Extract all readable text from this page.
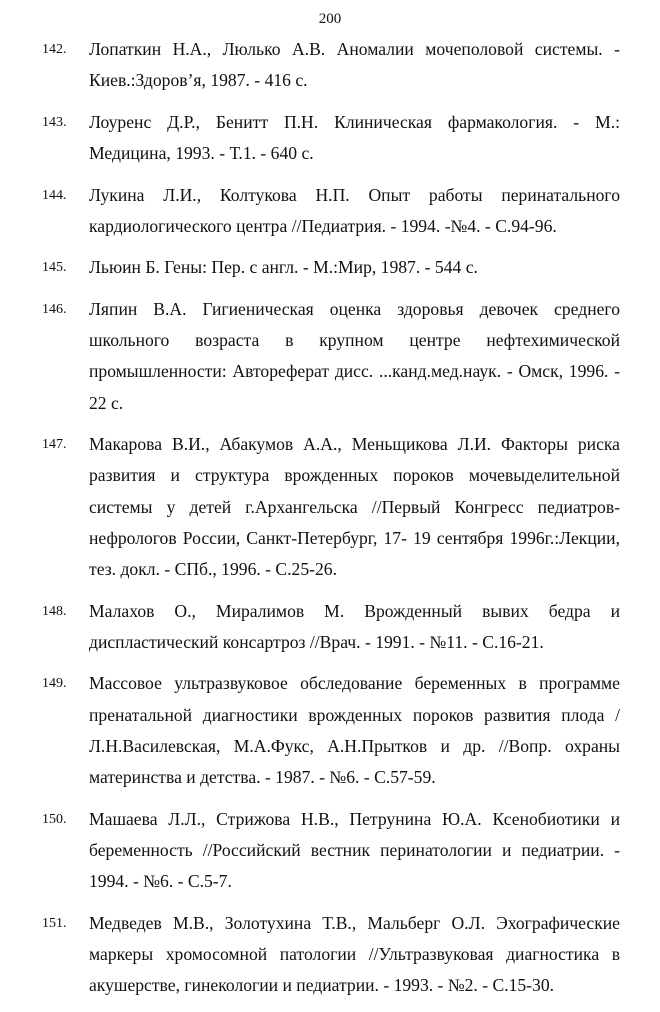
200
142. Лопаткин Н.А., Люлько А.В. Аномалии мочеполовой системы. - Киев.:Здоров’я, 1987. - 416 с.
143. Лоуренс Д.Р., Бенитт П.Н. Клиническая фармакология. - М.: Медицина, 1993. - Т.1. - 640 с.
144. Лукина Л.И., Колтукова Н.П. Опыт работы перинатального кардиологического центра //Педиатрия. - 1994. -№4. - С.94-96.
145. Льюин Б. Гены: Пер. с англ. - М.:Мир, 1987. - 544 с.
146. Ляпин В.А. Гигиеническая оценка здоровья девочек среднего школьного возраста в крупном центре нефтехимической промышленности: Автореферат дисс. ...канд.мед.наук. - Омск, 1996. - 22 с.
147. Макарова В.И., Абакумов А.А., Меньщикова Л.И. Факторы риска развития и структура врожденных пороков мочевыделительной системы у детей г.Архангельска //Первый Конгресс педиатров-нефрологов России, Санкт-Петербург, 17- 19 сентября 1996г.:Лекции, тез. докл. - СПб., 1996. - С.25-26.
148. Малахов О., Миралимов М. Врожденный вывих бедра и диспластический консартроз //Врач. - 1991. - №11. - С.16-21.
149. Массовое ультразвуковое обследование беременных в программе пренатальной диагностики врожденных пороков развития плода /Л.Н.Василевская, М.А.Фукс, А.Н.Прытков и др. //Вопр. охраны материнства и детства. - 1987. - №6. - С.57-59.
150. Машаева Л.Л., Стрижова Н.В., Петрунина Ю.А. Ксенобиотики и беременность //Российский вестник перинатологии и педиатрии. - 1994. - №6. - С.5-7.
151. Медведев М.В., Золотухина Т.В., Мальберг О.Л. Эхографические маркеры хромосомной патологии //Ультразвуковая диагностика в акушерстве, гинекологии и педиатрии. - 1993. - №2. - С.15-30.
